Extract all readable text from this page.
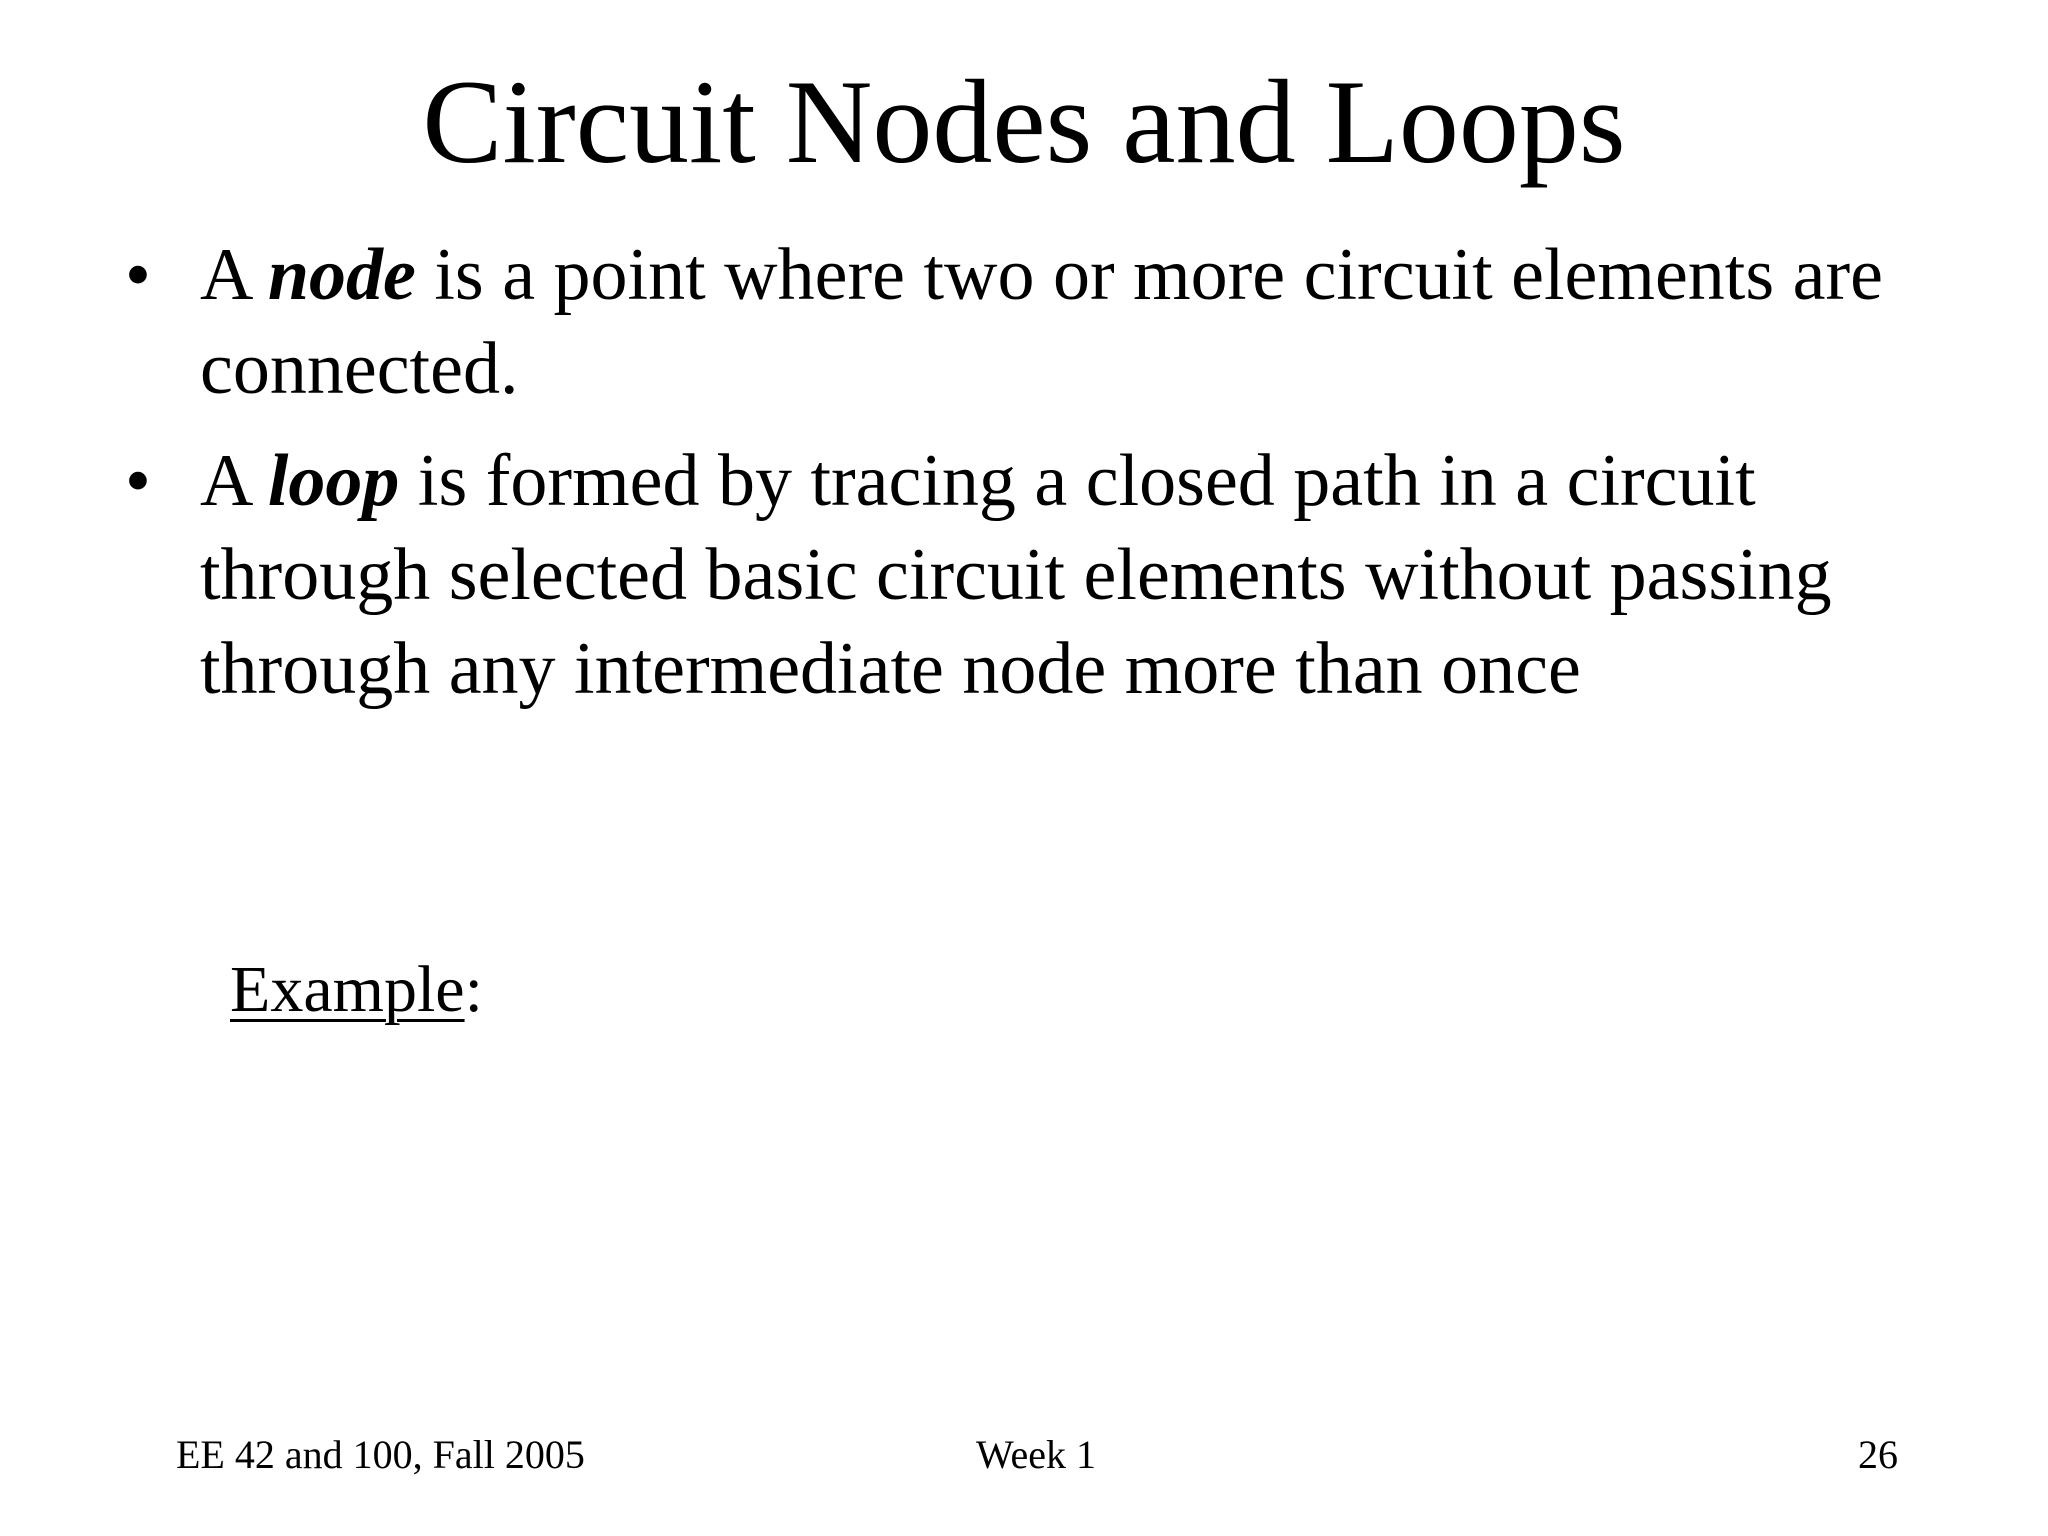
Circuit Nodes and Loops
• A node is a point where two or more circuit elements are connected.
• A loop is formed by tracing a closed path in a circuit through selected basic circuit elements without passing through any intermediate node more than once
Example:
EE 42 and 100, Fall 2005	Week 1	26
